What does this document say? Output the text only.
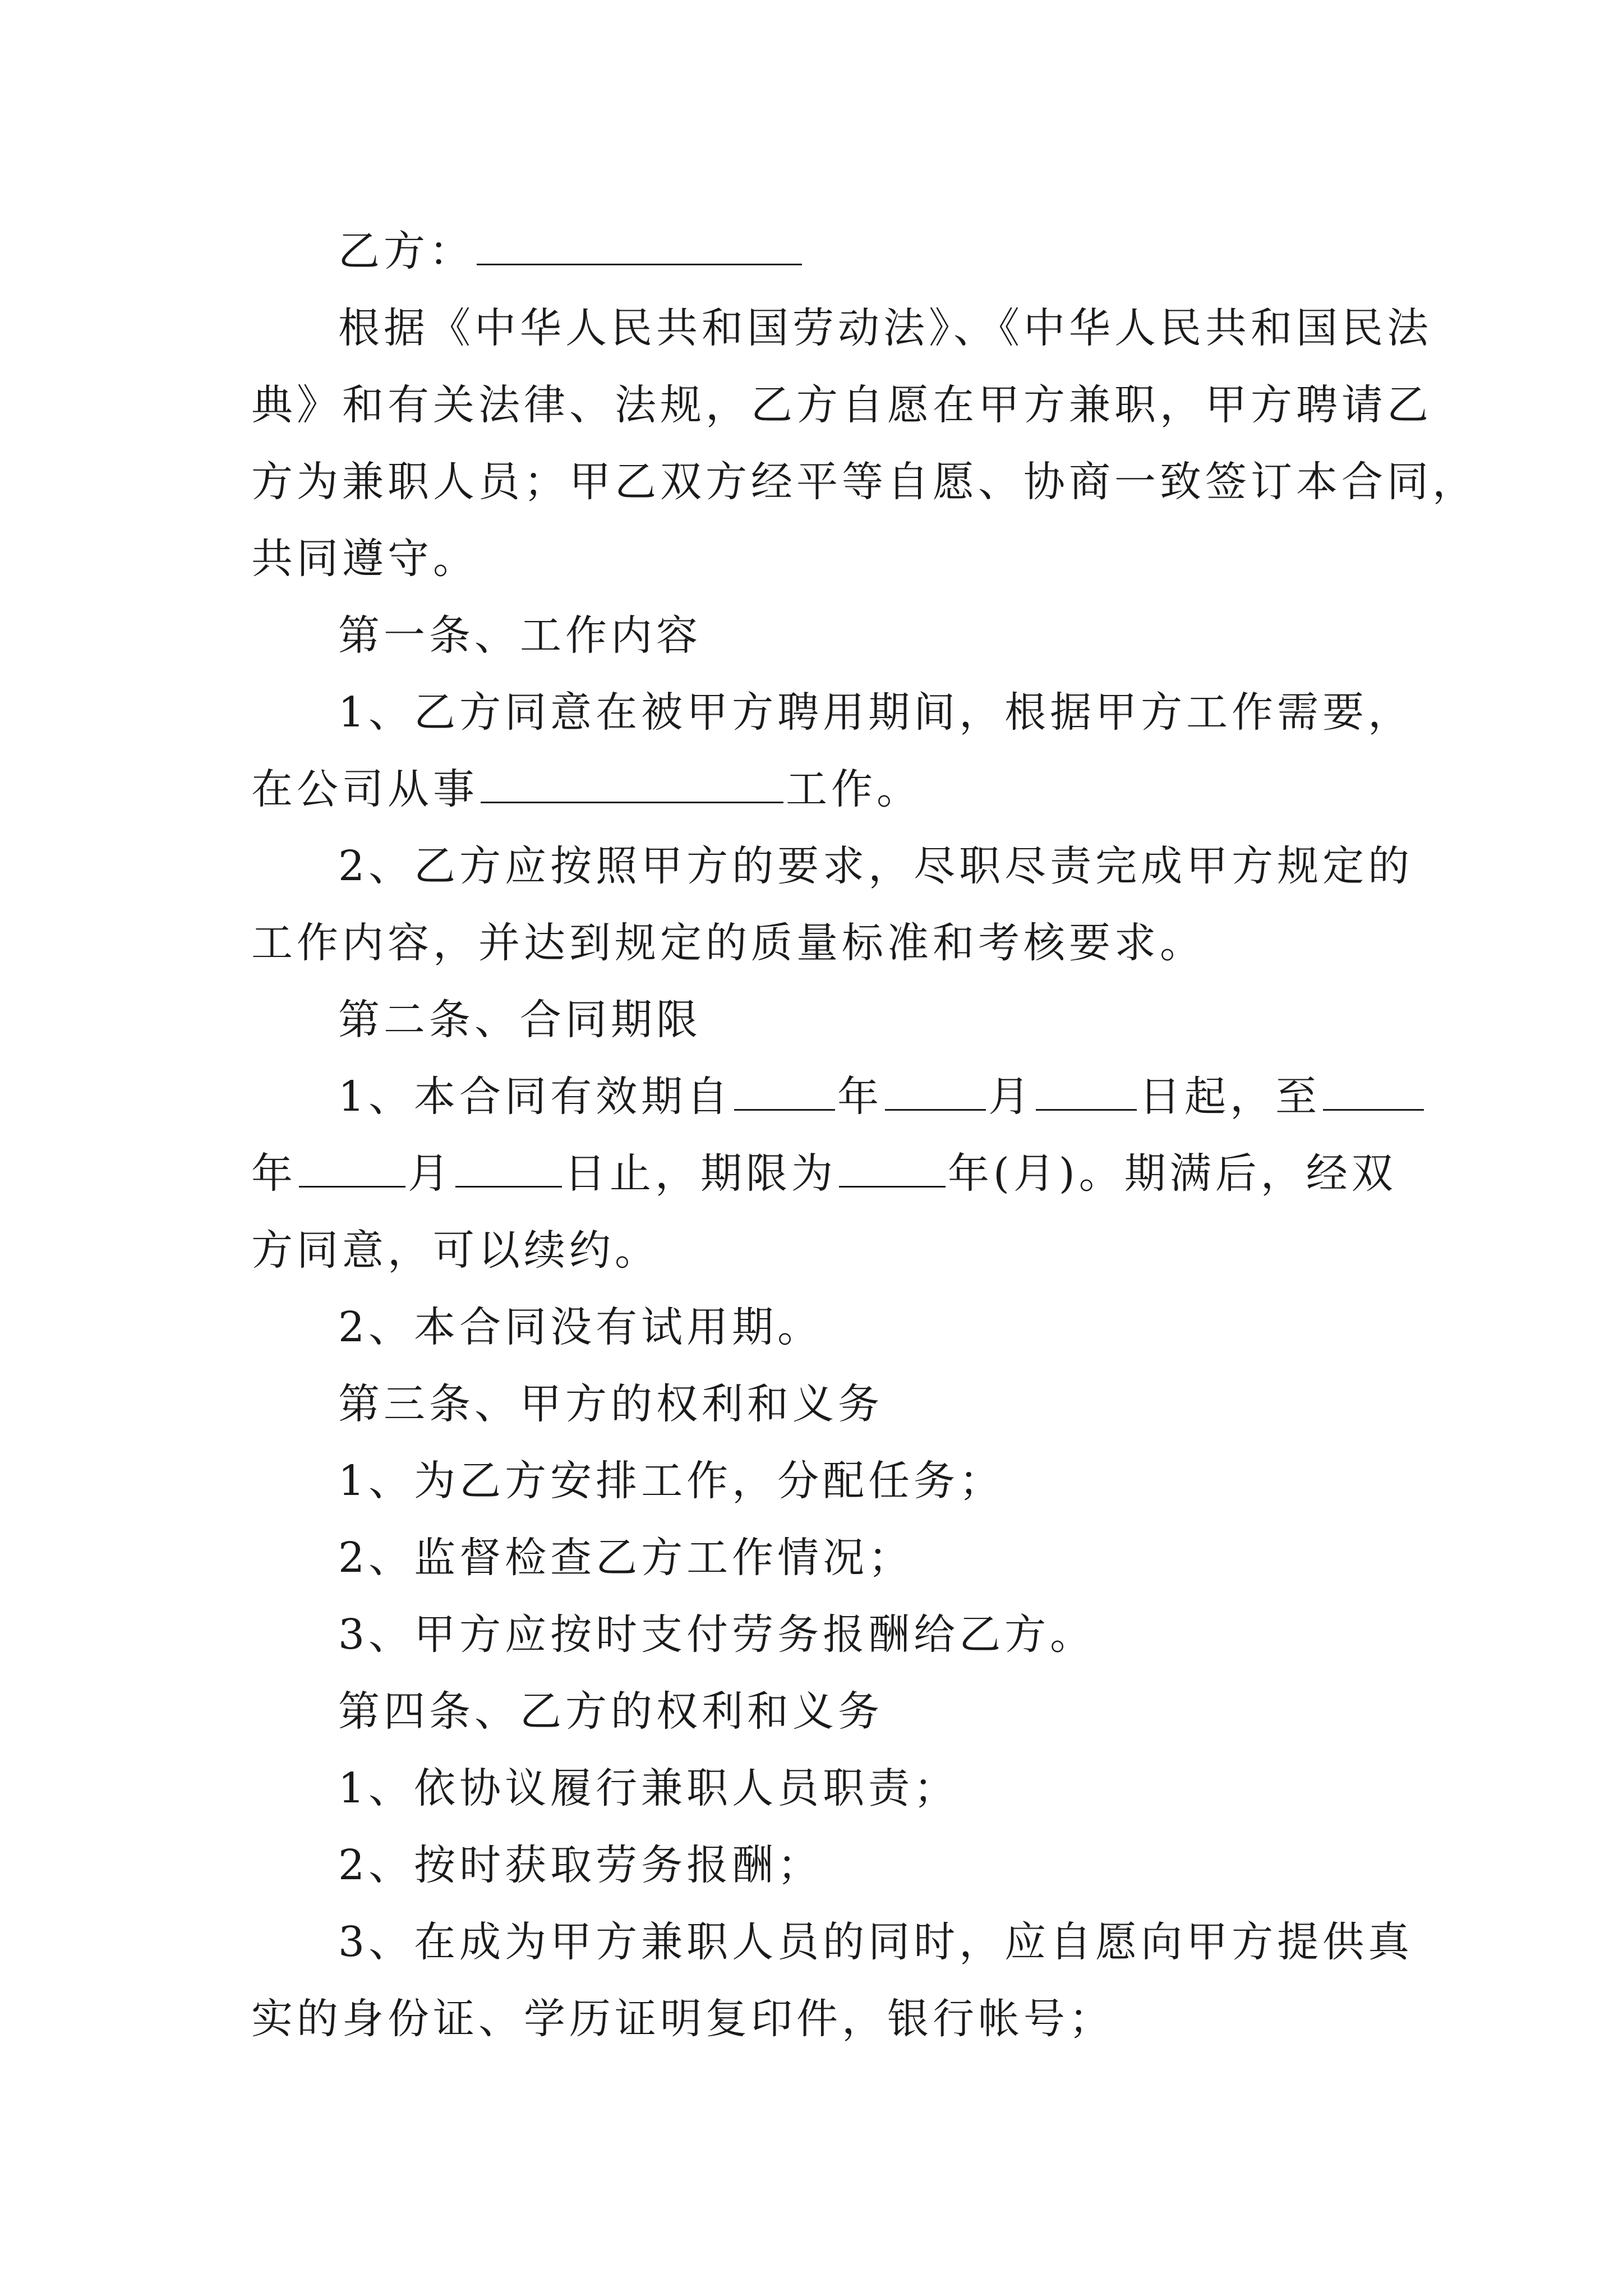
乙方：
根据《中华人民共和国劳动法》、《中华人民共和国民法
典》和有关法律、法规，乙方自愿在甲方兼职，甲方聘请乙
方为兼职人员；甲乙双方经平等自愿、协商一致签订本合同，
共同遵守。
第一条、工作内容
1、乙方同意在被甲方聘用期间，根据甲方工作需要，
在公司从事	工作。
2、乙方应按照甲方的要求，尽职尽责完成甲方规定的
工作内容，并达到规定的质量标准和考核要求。
第二条、合同期限
1、本合同有效期自	年	月	日起，至
年	月	日止，期限为	年(月)。期满后，经双
方同意，可以续约。
2、本合同没有试用期。
第三条、甲方的权利和义务
1、为乙方安排工作，分配任务；
2、监督检查乙方工作情况；
3、甲方应按时支付劳务报酬给乙方。
第四条、乙方的权利和义务
1、依协议履行兼职人员职责；
2、按时获取劳务报酬；
3、在成为甲方兼职人员的同时，应自愿向甲方提供真
实的身份证、学历证明复印件，银行帐号；
